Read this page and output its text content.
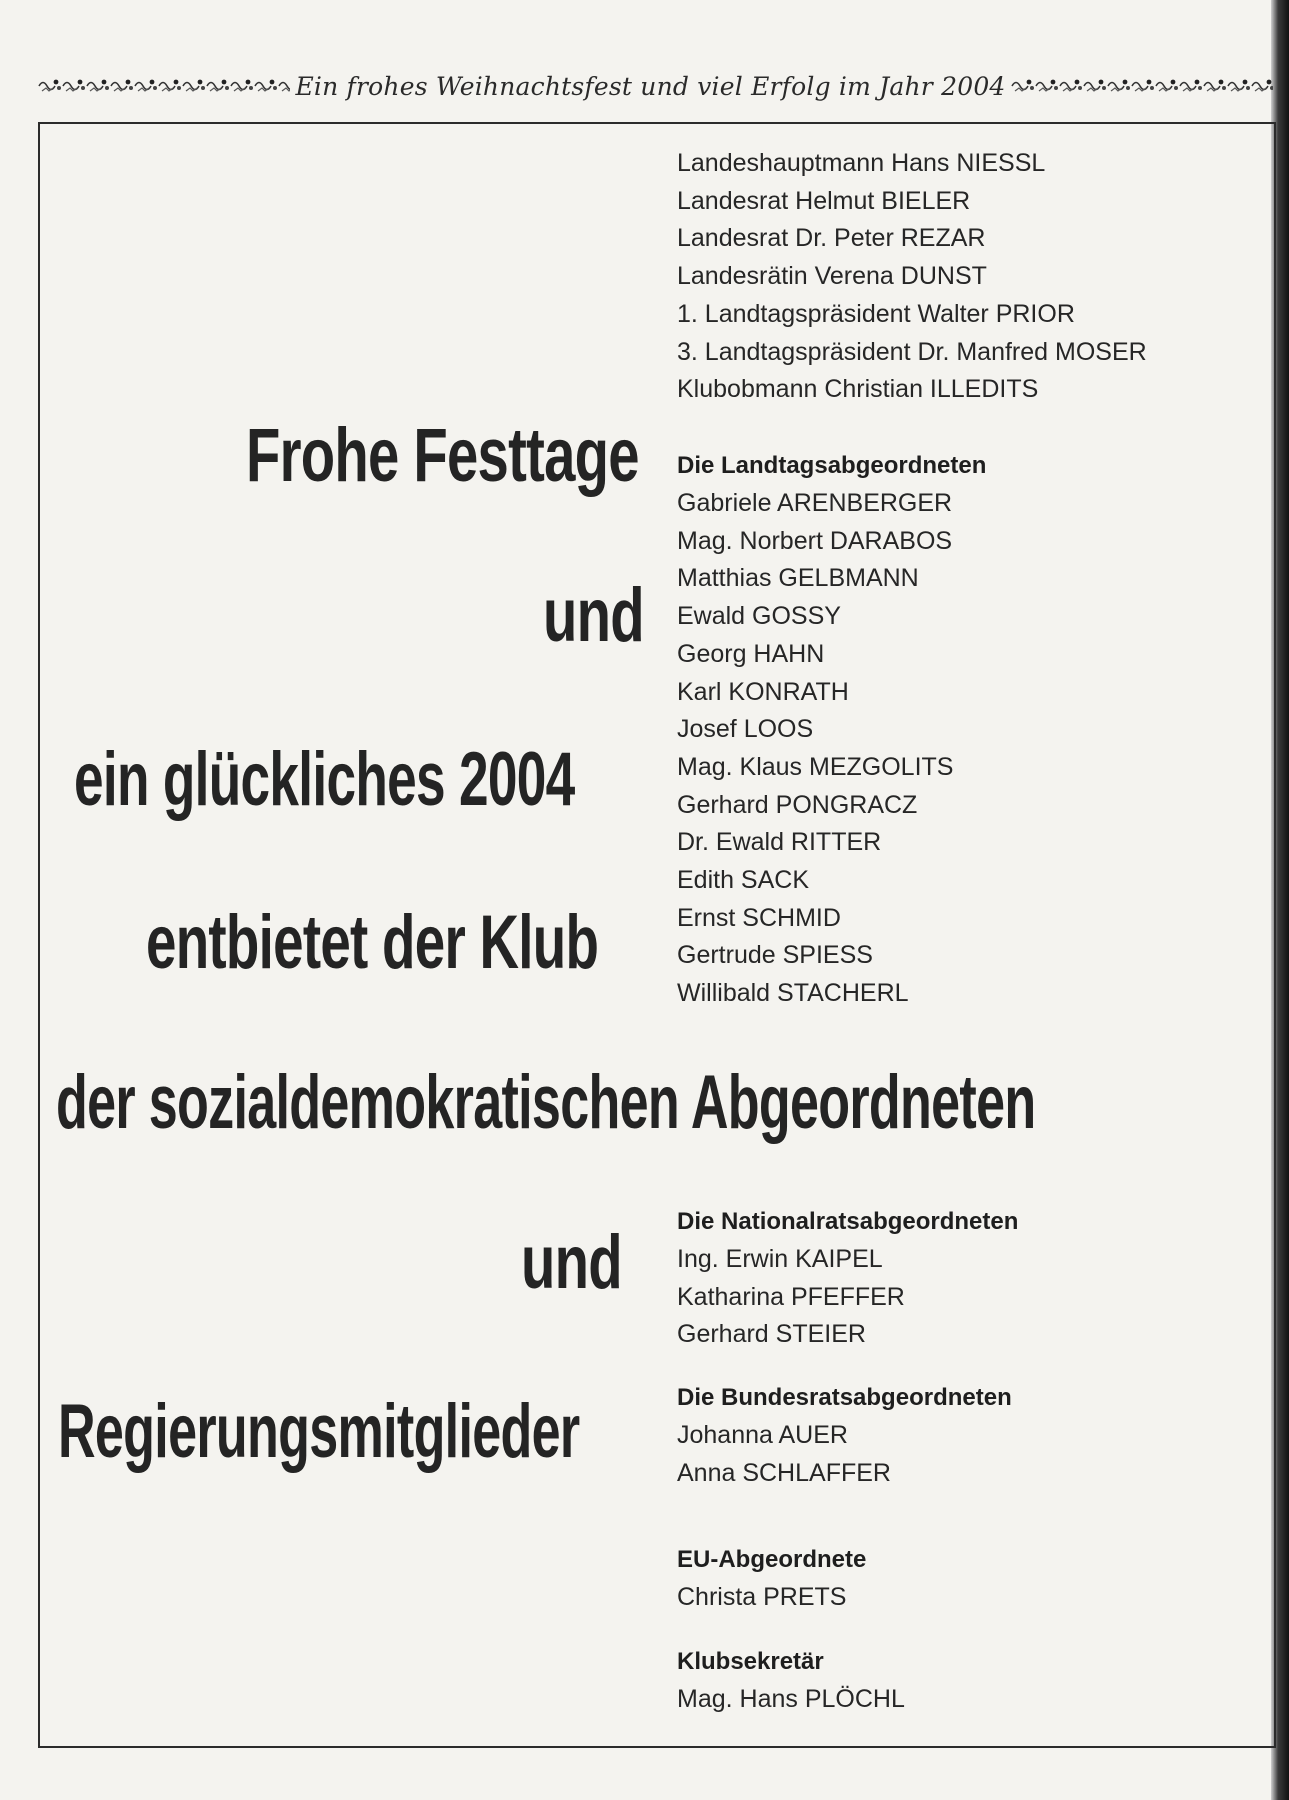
Ein frohes Weihnachtsfest und viel Erfolg im Jahr 2004
Frohe Festtage
und
ein glückliches 2004
entbietet der Klub
der sozialdemokratischen Abgeordneten
und
Regierungsmitglieder
Landeshauptmann Hans NIESSL
Landesrat Helmut BIELER
Landesrat Dr. Peter REZAR
Landesrätin Verena DUNST
1. Landtagspräsident Walter PRIOR
3. Landtagspräsident Dr. Manfred MOSER
Klubobmann Christian ILLEDITS
Die Landtagsabgeordneten
Gabriele ARENBERGER
Mag. Norbert DARABOS
Matthias GELBMANN
Ewald GOSSY
Georg HAHN
Karl KONRATH
Josef LOOS
Mag. Klaus MEZGOLITS
Gerhard PONGRACZ
Dr. Ewald RITTER
Edith SACK
Ernst SCHMID
Gertrude SPIESS
Willibald STACHERL
Die Nationalratsabgeordneten
Ing. Erwin KAIPEL
Katharina PFEFFER
Gerhard STEIER
Die Bundesratsabgeordneten
Johanna AUER
Anna SCHLAFFER
EU-Abgeordnete
Christa PRETS
Klubsekretär
Mag. Hans PLÖCHL
